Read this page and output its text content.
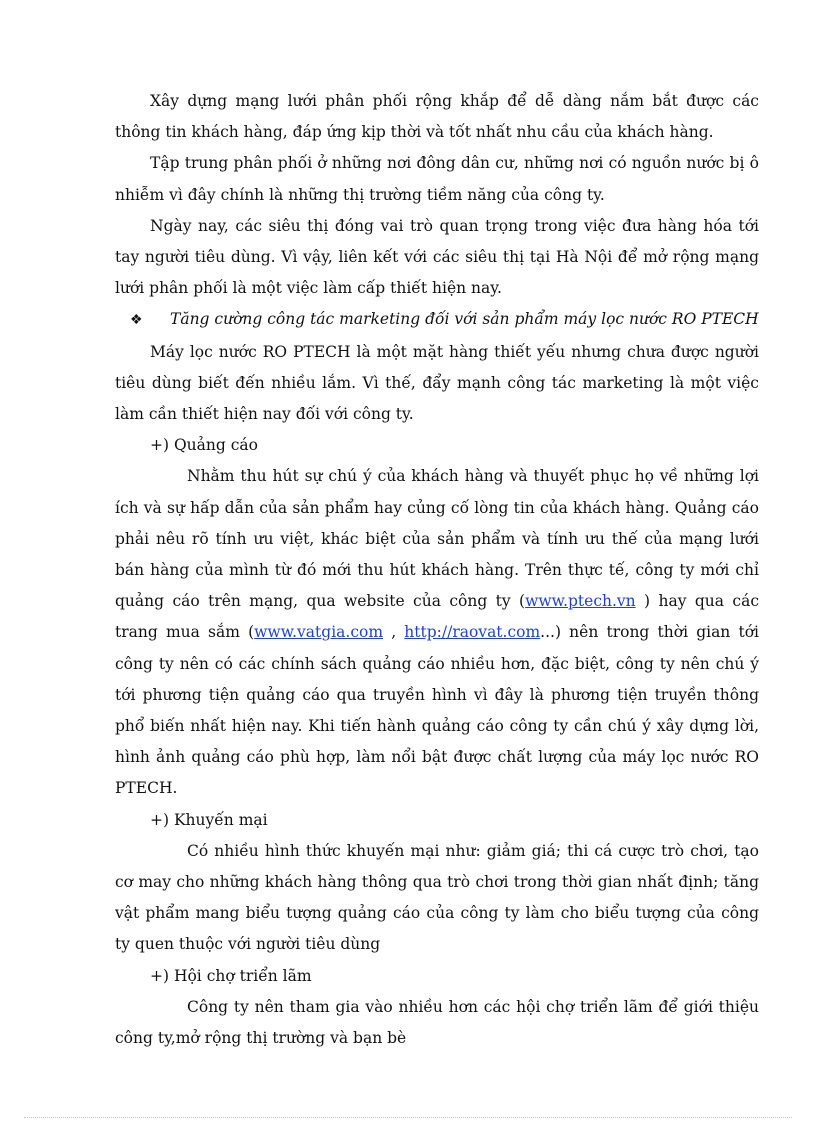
Xây dựng mạng lưới phân phối rộng khắp để dễ dàng nắm bắt được các thông tin khách hàng, đáp ứng kịp thời và tốt nhất nhu cầu của khách hàng.

Tập trung phân phối ở những nơi đông dân cư, những nơi có nguồn nước bị ô nhiễm vì đây chính là những thị trường tiềm năng của công ty.

Ngày nay, các siêu thị đóng vai trò quan trọng trong việc đưa hàng hóa tới tay người tiêu dùng. Vì vậy, liên kết với các siêu thị tại Hà Nội để mở rộng mạng lưới phân phối là một việc làm cấp thiết hiện nay.

❖ Tăng cường công tác marketing đối với sản phẩm máy lọc nước RO PTECH

Máy lọc nước RO PTECH là một mặt hàng thiết yếu nhưng chưa được người tiêu dùng biết đến nhiều lắm. Vì thế, đẩy mạnh công tác marketing là một việc làm cần thiết hiện nay đối với công ty.

+) Quảng cáo

Nhằm thu hút sự chú ý của khách hàng và thuyết phục họ về những lợi ích và sự hấp dẫn của sản phẩm hay củng cố lòng tin của khách hàng. Quảng cáo phải nêu rõ tính ưu việt, khác biệt của sản phẩm và tính ưu thế của mạng lưới bán hàng của mình từ đó mới thu hút khách hàng. Trên thực tế, công ty mới chỉ quảng cáo trên mạng, qua website của công ty (www.ptech.vn ) hay qua các trang mua sắm (www.vatgia.com , http://raovat.com...) nên trong thời gian tới công ty nên có các chính sách quảng cáo nhiều hơn, đặc biệt, công ty nên chú ý tới phương tiện quảng cáo qua truyền hình vì đây là phương tiện truyền thông phổ biến nhất hiện nay. Khi tiến hành quảng cáo công ty cần chú ý xây dựng lời, hình ảnh quảng cáo phù hợp, làm nổi bật được chất lượng của máy lọc nước RO PTECH.

+) Khuyến mại

Có nhiều hình thức khuyến mại như: giảm giá; thi cá cược trò chơi, tạo cơ may cho những khách hàng thông qua trò chơi trong thời gian nhất định; tăng vật phẩm mang biểu tượng quảng cáo của công ty làm cho biểu tượng của công ty quen thuộc với người tiêu dùng

+) Hội chợ triển lãm

Công ty nên tham gia vào nhiều hơn các hội chợ triển lãm để giới thiệu công ty,mở rộng thị trường và bạn bè
